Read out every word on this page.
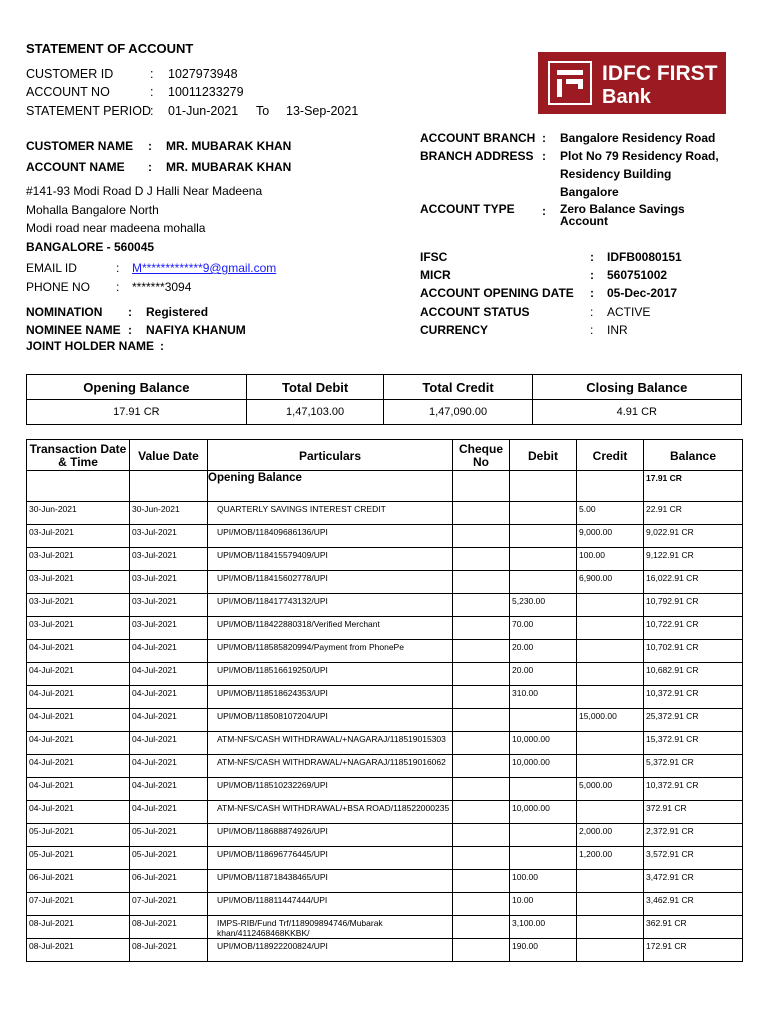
STATEMENT OF ACCOUNT
CUSTOMER ID	: 1027973948
ACCOUNT NO	: 10011233279
STATEMENT PERIOD
: 01-Jun-2021 To 13-Sep-2021
IDFC FIRST
Bank
CUSTOMER NAME : MR. MUBARAK KHAN
ACCOUNT NAME : MR. MUBARAK KHAN
#141-93 Modi Road D J Halli Near Madeena
Mohalla Bangalore North
Modi road near madeena mohalla
BANGALORE - 560045
EMAIL ID	: M*************9@gmail.com
PHONE NO : *******3094
NOMINATION : Registered
NOMINEE NAME : NAFIYA KHANUM
JOINT HOLDER NAME :
ACCOUNT BRANCH : Bangalore Residency Road
BRANCH ADDRESS : Plot No 79 Residency Road,
Residency Building
Bangalore
ACCOUNT TYPE : Zero Balance Savings
Account
IFSC	: IDFB0080151
MICR	: 560751002
ACCOUNT OPENING DATE : 05-Dec-2017
ACCOUNT STATUS	: ACTIVE
CURRENCY	: INR
Opening Balance	Total Debit	Total Credit	Closing Balance
17.91 CR	1,47,103.00	1,47,090.00	4.91 CR
Transaction Date & Time	Value Date	Particulars	Cheque No	Debit	Credit	Balance
		Opening Balance				17.91 CR
30-Jun-2021	30-Jun-2021	QUARTERLY SAVINGS INTEREST CREDIT			5.00	22.91 CR
03-Jul-2021	03-Jul-2021	UPI/MOB/118409686136/UPI			9,000.00	9,022.91 CR
03-Jul-2021	03-Jul-2021	UPI/MOB/118415579409/UPI			100.00	9,122.91 CR
03-Jul-2021	03-Jul-2021	UPI/MOB/118415602778/UPI			6,900.00	16,022.91 CR
03-Jul-2021	03-Jul-2021	UPI/MOB/118417743132/UPI		5,230.00		10,792.91 CR
03-Jul-2021	03-Jul-2021	UPI/MOB/118422880318/Verified Merchant		70.00		10,722.91 CR
04-Jul-2021	04-Jul-2021	UPI/MOB/118585820994/Payment from PhonePe		20.00		10,702.91 CR
04-Jul-2021	04-Jul-2021	UPI/MOB/118516619250/UPI		20.00		10,682.91 CR
04-Jul-2021	04-Jul-2021	UPI/MOB/118518624353/UPI		310.00		10,372.91 CR
04-Jul-2021	04-Jul-2021	UPI/MOB/118508107204/UPI			15,000.00	25,372.91 CR
04-Jul-2021	04-Jul-2021	ATM-NFS/CASH WITHDRAWAL/+NAGARAJ/118519015303		10,000.00		15,372.91 CR
04-Jul-2021	04-Jul-2021	ATM-NFS/CASH WITHDRAWAL/+NAGARAJ/118519016062		10,000.00		5,372.91 CR
04-Jul-2021	04-Jul-2021	UPI/MOB/118510232269/UPI			5,000.00	10,372.91 CR
04-Jul-2021	04-Jul-2021	ATM-NFS/CASH WITHDRAWAL/+BSA ROAD/118522000235		10,000.00		372.91 CR
05-Jul-2021	05-Jul-2021	UPI/MOB/118688874926/UPI			2,000.00	2,372.91 CR
05-Jul-2021	05-Jul-2021	UPI/MOB/118696776445/UPI			1,200.00	3,572.91 CR
06-Jul-2021	06-Jul-2021	UPI/MOB/118718438465/UPI		100.00		3,472.91 CR
07-Jul-2021	07-Jul-2021	UPI/MOB/118811447444/UPI		10.00		3,462.91 CR
08-Jul-2021	08-Jul-2021	IMPS-RIB/Fund Trf/118909894746/Mubarak khan/4112468468KKBK/		3,100.00		362.91 CR
08-Jul-2021	08-Jul-2021	UPI/MOB/118922200824/UPI		190.00		172.91 CR
